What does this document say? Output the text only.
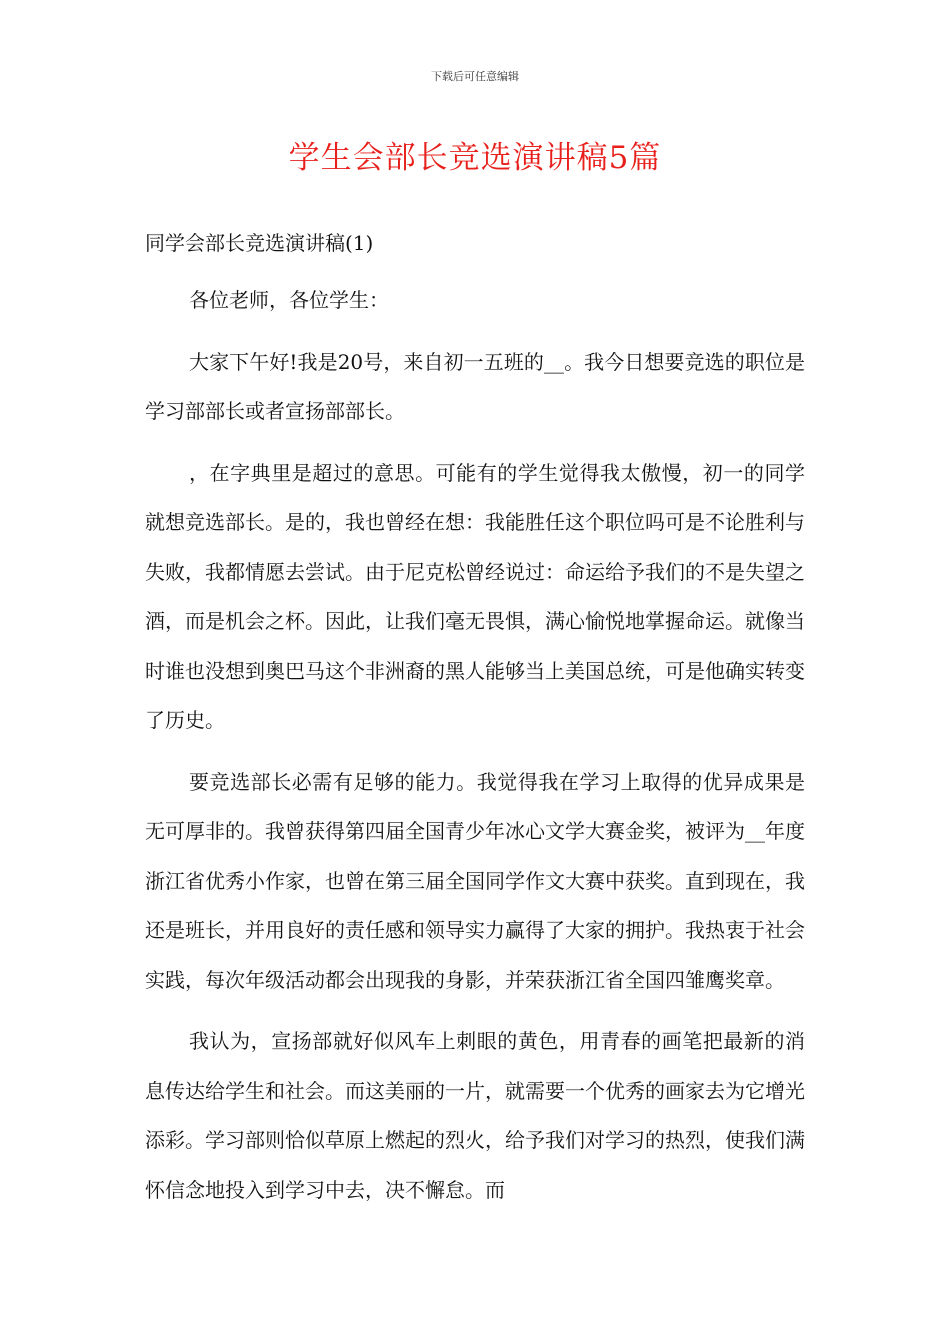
下载后可任意编辑
学生会部长竞选演讲稿5篇
同学会部长竞选演讲稿(1)

各位老师，各位学生：

大家下午好!我是20号，来自初一五班的__。我今日想要竞选的职位是学习部部长或者宣扬部部长。

，在字典里是超过的意思。可能有的学生觉得我太傲慢，初一的同学就想竞选部长。是的，我也曾经在想：我能胜任这个职位吗可是不论胜利与失败，我都情愿去尝试。由于尼克松曾经说过：命运给予我们的不是失望之酒，而是机会之杯。因此，让我们毫无畏惧，满心愉悦地掌握命运。就像当时谁也没想到奥巴马这个非洲裔的黑人能够当上美国总统，可是他确实转变了历史。

要竞选部长必需有足够的能力。我觉得我在学习上取得的优异成果是无可厚非的。我曾获得第四届全国青少年冰心文学大赛金奖，被评为__年度浙江省优秀小作家，也曾在第三届全国同学作文大赛中获奖。直到现在，我还是班长，并用良好的责任感和领导实力赢得了大家的拥护。我热衷于社会实践，每次年级活动都会出现我的身影，并荣获浙江省全国四雏鹰奖章。

我认为，宣扬部就好似风车上刺眼的黄色，用青春的画笔把最新的消息传达给学生和社会。而这美丽的一片，就需要一个优秀的画家去为它增光添彩。学习部则恰似草原上燃起的烈火，给予我们对学习的热烈，使我们满怀信念地投入到学习中去，决不懈怠。而
